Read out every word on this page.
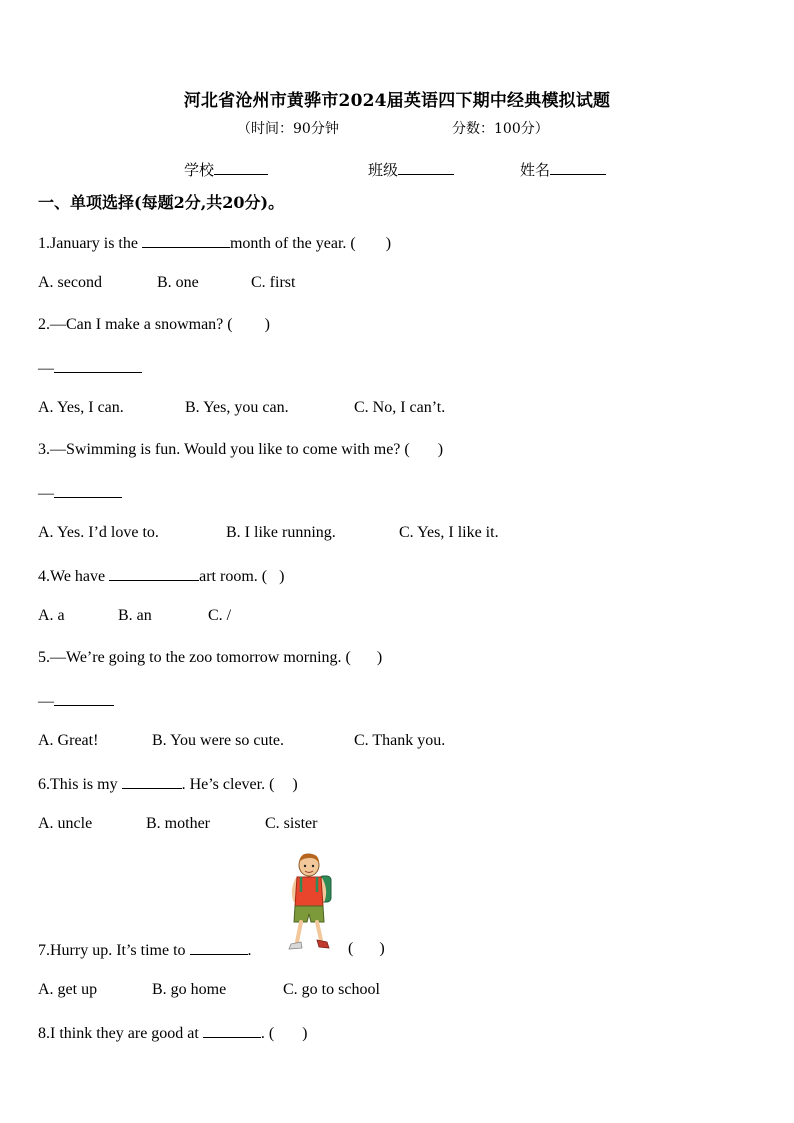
河北省沧州市黄骅市2024届英语四下期中经典模拟试题
（时间：90分钟	分数：100分）
学校	班级	姓名
一、单项选择(每题2分,共20分)。
1.January is the	month of the year. ( )
A. second	B. one	C. first
2.—Can I make a snowman? ( )
—
A. Yes, I can.	B. Yes, you can.	C. No, I can’t.
3.—Swimming is fun. Would you like to come with me? ( )
—
A. Yes. I’d love to.	B. I like running.	C. Yes, I like it.
4.We have	art room. ( )
A. a	B. an	C. /
5.—We’re going to the zoo tomorrow morning. ( )
—
A. Great!	B. You were so cute.	C. Thank you.
6.This is my	. He’s clever. ( )
A. uncle	B. mother	C. sister
7.Hurry up. It’s time to	.	( )
A. get up	B. go home	C. go to school
8.I think they are good at	. ( )
